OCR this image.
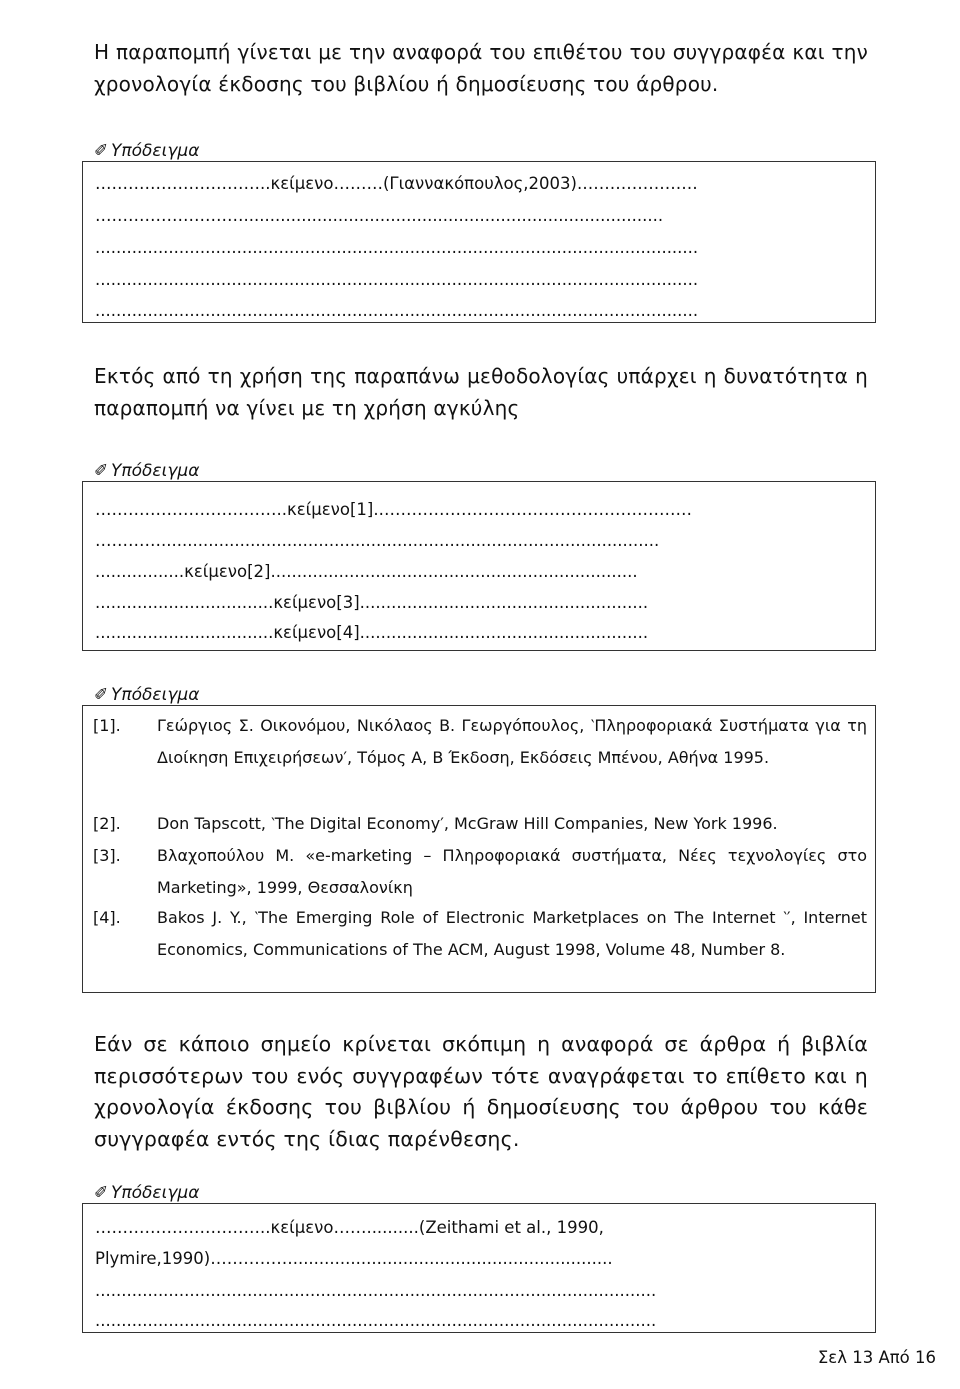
Η παραπομπή γίνεται με την αναφορά του επιθέτου του συγγραφέα και την χρονολογία έκδοσης του βιβλίου ή δημοσίευσης του άρθρου.
✐ Υπόδειγμα
…………………………..κείμενο………(Γιαννακόπουλος,2003).…………………
………………………................................................................................
...................................................................................................................
...................................................................................................................
...................................................................................................................
Εκτός από τη χρήση της παραπάνω μεθοδολογίας υπάρχει η δυνατότητα η παραπομπή να γίνει με τη χρήση αγκύλης
✐ Υπόδειγμα
……………………………..κείμενο[1].…………………………………………………
…………...............................................................................................
.................κείμενο[2]......................................................................
..................................κείμενο[3].......................................................
..................................κείμενο[4].......................................................
✐ Υπόδειγμα
[1]. Γεώργιος Σ. Οικονόμου, Νικόλαος Β. Γεωργόπουλος, ‵Πληροφοριακά Συστήματα για τη Διοίκηση Επιχειρήσεων′, Τόμος Α, Β Έκδοση, Εκδόσεις Μπένου, Αθήνα 1995.
[2]. Don Tapscott, ‵The Digital Economy′, McGraw Hill Companies, New York 1996.
[3]. Βλαχοπούλου Μ. «e-marketing – Πληροφοριακά συστήματα, Νέες τεχνολογίες στο Marketing», 1999, Θεσσαλονίκη
[4]. Bakos J. Y., ‵The Emerging Role of Electronic Marketplaces on The Internet ‵′, Internet Economics, Communications of The ACM, August 1998, Volume 48, Number 8.
Εάν σε κάποιο σημείο κρίνεται σκόπιμη η αναφορά σε άρθρα ή βιβλία περισσότερων του ενός συγγραφέων τότε αναγράφεται το επίθετο και η χρονολογία έκδοσης του βιβλίου ή δημοσίευσης του άρθρου του κάθε συγγραφέα εντός της ίδιας παρένθεσης.
✐ Υπόδειγμα
…………………………..κείμενο……..........(Zeithami et al., 1990,
Plymire,1990)…………….............................................................
...........................................................................................................
...........................................................................................................
Σελ 13 Από 16
